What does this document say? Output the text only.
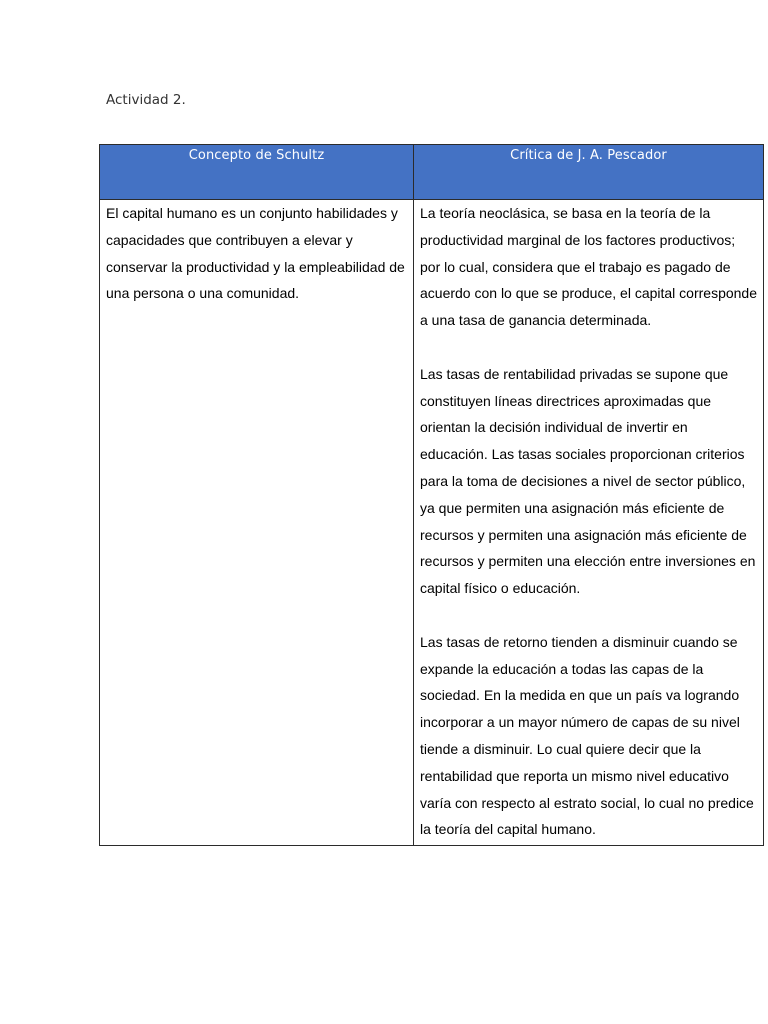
Actividad 2.

Concepto de Schultz	Crítica de J. A. Pescador

El capital humano es un conjunto habilidades y capacidades que contribuyen a elevar y conservar la productividad y la empleabilidad de una persona o una comunidad.	La teoría neoclásica, se basa en la teoría de la productividad marginal de los factores productivos; por lo cual, considera que el trabajo es pagado de acuerdo con lo que se produce, el capital corresponde a una tasa de ganancia determinada.

Las tasas de rentabilidad privadas se supone que constituyen líneas directrices aproximadas que orientan la decisión individual de invertir en educación. Las tasas sociales proporcionan criterios para la toma de decisiones a nivel de sector público, ya que permiten una asignación más eficiente de recursos y permiten una asignación más eficiente de recursos y permiten una elección entre inversiones en capital físico o educación.

Las tasas de retorno tienden a disminuir cuando se expande la educación a todas las capas de la sociedad. En la medida en que un país va logrando incorporar a un mayor número de capas de su nivel tiende a disminuir. Lo cual quiere decir que la rentabilidad que reporta un mismo nivel educativo varía con respecto al estrato social, lo cual no predice la teoría del capital humano.
